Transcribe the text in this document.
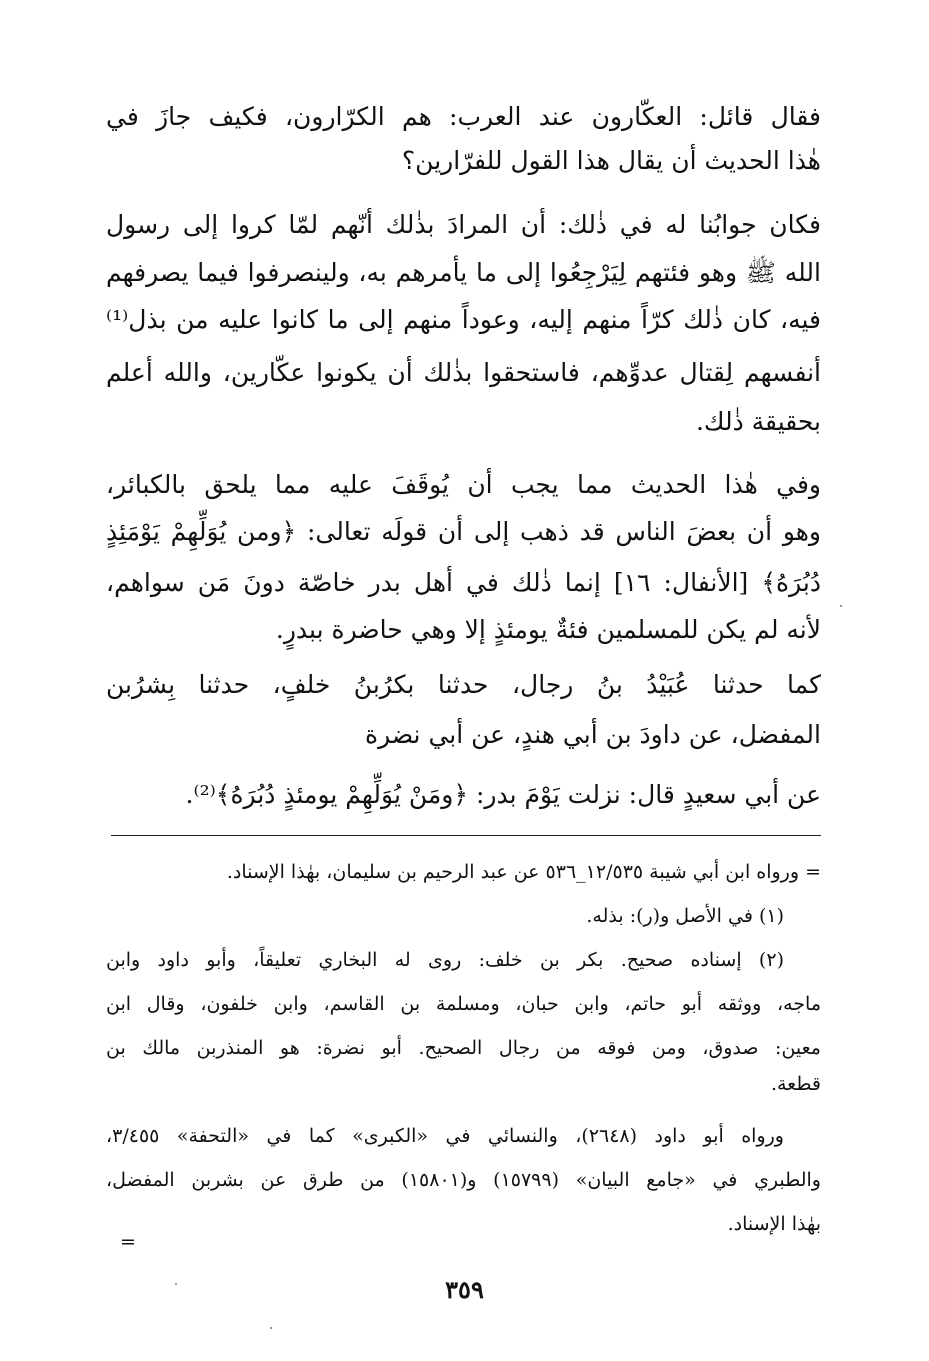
فقال قائل: العكّارون عند العرب: هم الكرّارون، فكيف جازَ في
هٰذا الحديث أن يقال هذا القول للفرّارين؟
فكان جوابُنا له في ذٰلك: أن المرادَ بذٰلك أنّهم لمّا كروا إلى رسول
الله ﷺ وهو فئتهم لِيَرْجِعُوا إلى ما يأمرهم به، ولينصرفوا فيما يصرفهم
فيه، كان ذٰلك كرّاً منهم إليه، وعوداً منهم إلى ما كانوا عليه من بذل⁽¹⁾
أنفسهم لِقتال عدوِّهم، فاستحقوا بذٰلك أن يكونوا عكّارين، والله أعلم
بحقيقة ذٰلك.
وفي هٰذا الحديث مما يجب أن يُوقَفَ عليه مما يلحق بالكبائر،
وهو أن بعضَ الناس قد ذهب إلى أن قولَه تعالى: ﴿ومن يُوَلِّهِمْ يَوْمَئِذٍ
دُبُرَهُ﴾ [الأنفال: ١٦] إنما ذٰلك في أهل بدر خاصّة دونَ مَن سواهم،
لأنه لم يكن للمسلمين فئةٌ يومئذٍ إلا وهي حاضرة ببدرٍ.
كما حدثنا عُبَيْدُ بنُ رجال، حدثنا بكرُبنُ خلفٍ، حدثنا بِشرُبن
المفضل، عن داودَ بن أبي هندٍ، عن أبي نضرة
عن أبي سعيدٍ قال: نزلت يَوْمَ بدر: ﴿ومَنْ يُوَلِّهِمْ يومئذٍ دُبُرَهُ﴾⁽²⁾.
= ورواه ابن أبي شيبة ١٢/٥٣٥_٥٣٦ عن عبد الرحيم بن سليمان، بهٰذا الإسناد.
(١) في الأصل و(ر): بذله.
(٢) إسناده صحيح. بكر بن خلف: روى له البخاري تعليقاً، وأبو داود وابن
ماجه، ووثقه أبو حاتم، وابن حبان، ومسلمة بن القاسم، وابن خلفون، وقال ابن
معين: صدوق، ومن فوقه من رجال الصحيح. أبو نضرة: هو المنذربن مالك بن
قطعة.
ورواه أبو داود (٢٦٤٨)، والنسائي في «الكبرى» كما في «التحفة» ٣/٤٥٥،
والطبري في «جامع البيان» (١٥٧٩٩) و(١٥٨٠١) من طرق عن بشربن المفضل،
بهٰذا الإسناد.
=
٣٥٩
